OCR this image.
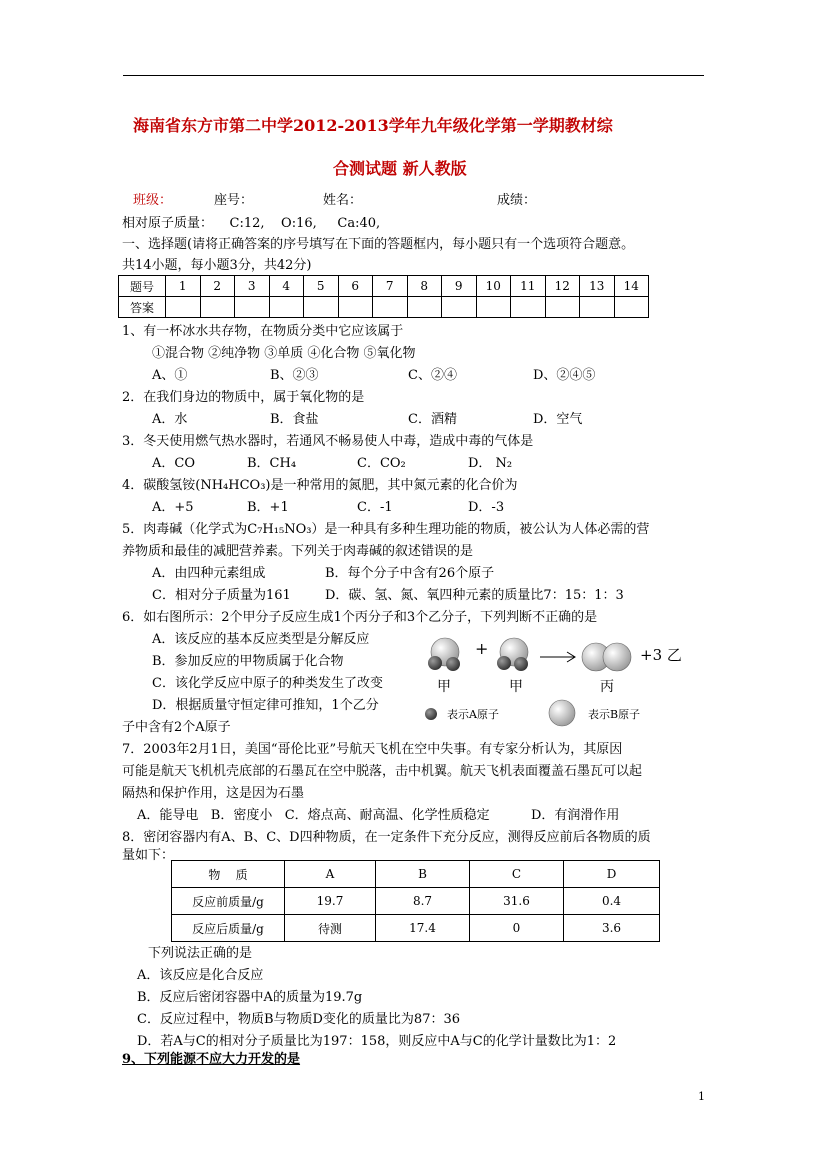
海南省东方市第二中学2012-2013学年九年级化学第一学期教材综
合测试题 新人教版
班级：	座号：	姓名：	成绩：
相对原子质量：    C:12,    O:16,     Ca:40,
一、选择题(请将正确答案的序号填写在下面的答题框内，每小题只有一个选项符合题意。
共14小题，每小题3分，共42分)
题号	1	2	3	4	5	6	7	8	9	10	11	12	13	14
答案														
1、有一杯冰水共存物，在物质分类中它应该属于
①混合物 ②纯净物 ③单质 ④化合物 ⑤氧化物
A、①	B、②③	C、②④	D、②④⑤
2．在我们身边的物质中，属于氧化物的是
A．水	B．食盐	C．酒精	D．空气
3．冬天使用燃气热水器时，若通风不畅易使人中毒，造成中毒的气体是
A．CO	B．CH₄	C．CO₂	D． N₂
4．碳酸氢铵(NH₄HCO₃)是一种常用的氮肥，其中氮元素的化合价为
A．+5	B．+1	C．-1	D．-3
5．肉毒碱（化学式为C₇H₁₅NO₃）是一种具有多种生理功能的物质，被公认为人体必需的营
养物质和最佳的减肥营养素。下列关于肉毒碱的叙述错误的是
A．由四种元素组成	B．每个分子中含有26个原子
C．相对分子质量为161	D．碳、氢、氮、氧四种元素的质量比7：15：1：3
6．如右图所示：2个甲分子反应生成1个丙分子和3个乙分子，下列判断不正确的是
A．该反应的基本反应类型是分解反应
B．参加反应的甲物质属于化合物
C．该化学反应中原子的种类发生了改变
D．根据质量守恒定律可推知，1个乙分
子中含有2个A原子
+	+3 乙
甲	甲	丙
表示A原子	表示B原子
7．2003年2月1日，美国“哥伦比亚”号航天飞机在空中失事。有专家分析认为，其原因
可能是航天飞机机壳底部的石墨瓦在空中脱落，击中机翼。航天飞机表面覆盖石墨瓦可以起
隔热和保护作用，这是因为石墨
A．能导电   B．密度小   C．熔点高、耐高温、化学性质稳定          D．有润滑作用
8．密闭容器内有A、B、C、D四种物质，在一定条件下充分反应，测得反应前后各物质的质
量如下：
物    质	A	B	C	D
反应前质量/g	19.7	8.7	31.6	0.4
反应后质量/g	待测	17.4	0	3.6
下列说法正确的是
A．该反应是化合反应
B．反应后密闭容器中A的质量为19.7g
C．反应过程中，物质B与物质D变化的质量比为87：36
D．若A与C的相对分子质量比为197：158，则反应中A与C的化学计量数比为1：2
9、下列能源不应大力开发的是
1
